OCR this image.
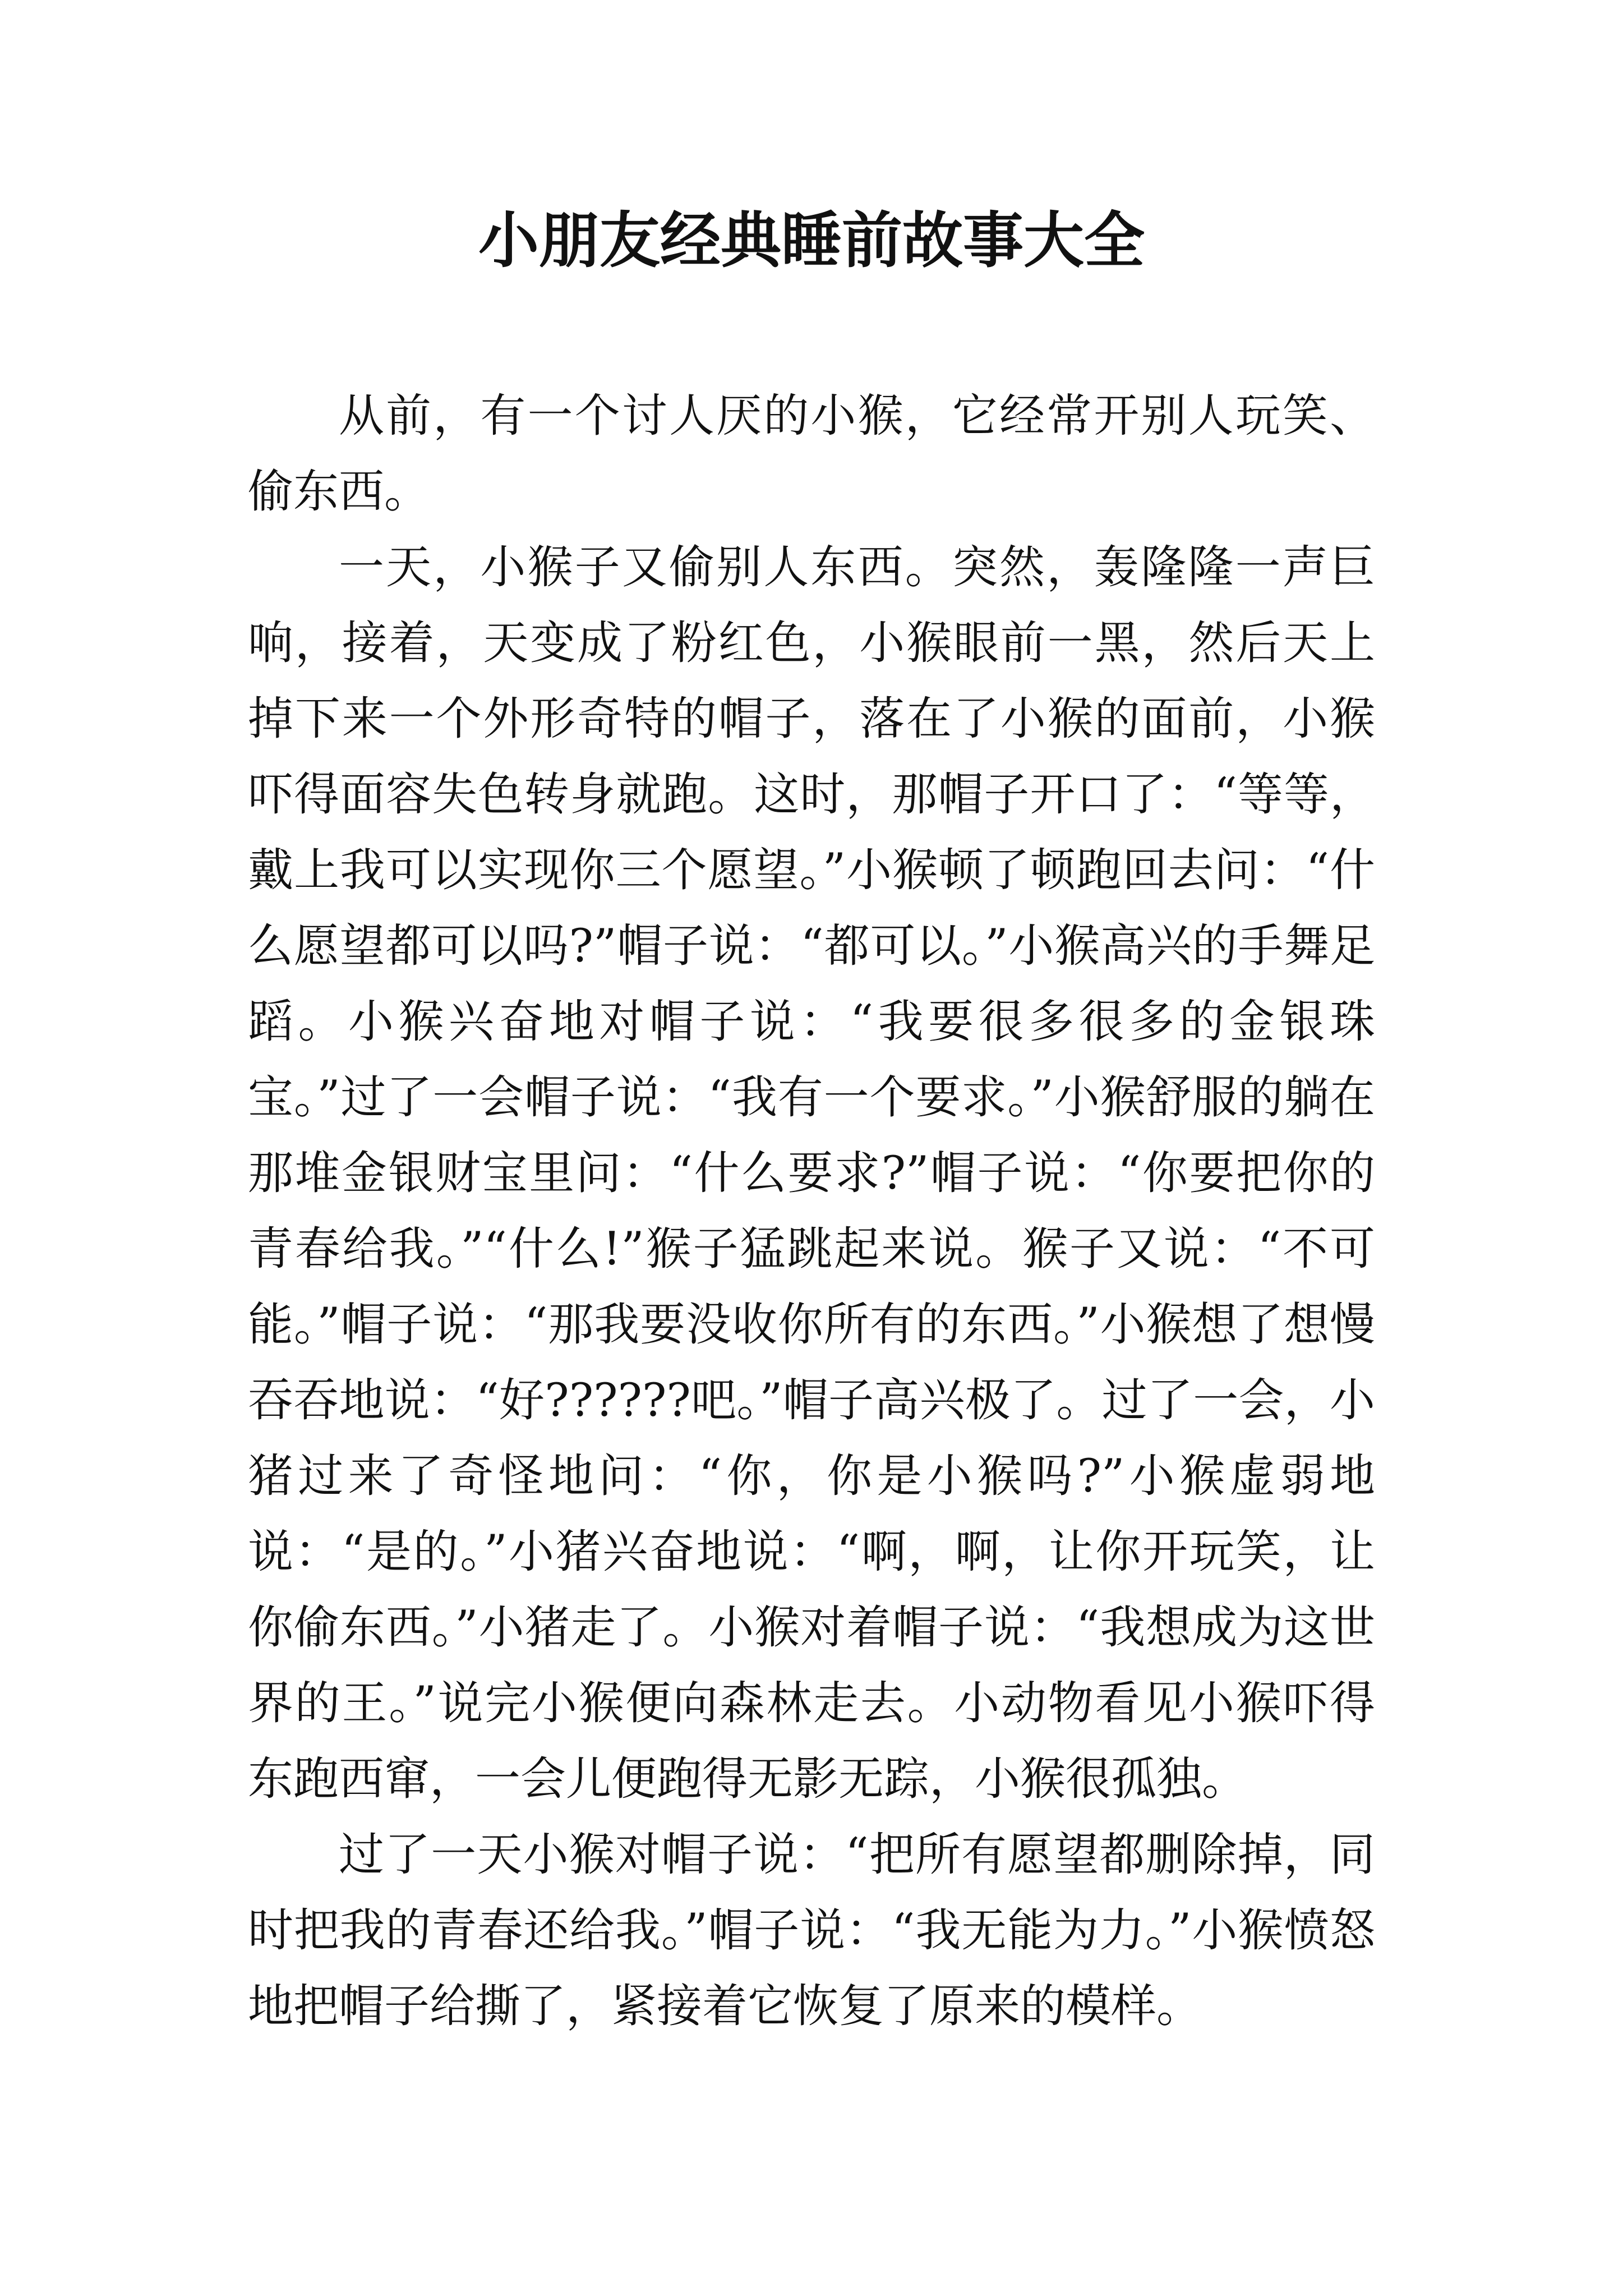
小朋友经典睡前故事大全

从前，有一个讨人厌的小猴，它经常开别人玩笑、偷东西。

一天，小猴子又偷别人东西。突然，轰隆隆一声巨响，接着，天变成了粉红色，小猴眼前一黑，然后天上掉下来一个外形奇特的帽子，落在了小猴的面前，小猴吓得面容失色转身就跑。这时，那帽子开口了：“等等，戴上我可以实现你三个愿望。”小猴顿了顿跑回去问：“什么愿望都可以吗?”帽子说：“都可以。”小猴高兴的手舞足蹈。小猴兴奋地对帽子说：“我要很多很多的金银珠宝。”过了一会帽子说：“我有一个要求。”小猴舒服的躺在那堆金银财宝里问：“什么要求?”帽子说：“你要把你的青春给我。”“什么!”猴子猛跳起来说。猴子又说：“不可能。”帽子说：“那我要没收你所有的东西。”小猴想了想慢吞吞地说：“好??????吧。”帽子高兴极了。过了一会，小猪过来了奇怪地问：“你，你是小猴吗?”小猴虚弱地说：“是的。”小猪兴奋地说：“啊，啊，让你开玩笑，让你偷东西。”小猪走了。小猴对着帽子说：“我想成为这世界的王。”说完小猴便向森林走去。小动物看见小猴吓得东跑西窜，一会儿便跑得无影无踪，小猴很孤独。

过了一天小猴对帽子说：“把所有愿望都删除掉，同时把我的青春还给我。”帽子说：“我无能为力。”小猴愤怒地把帽子给撕了，紧接着它恢复了原来的模样。
